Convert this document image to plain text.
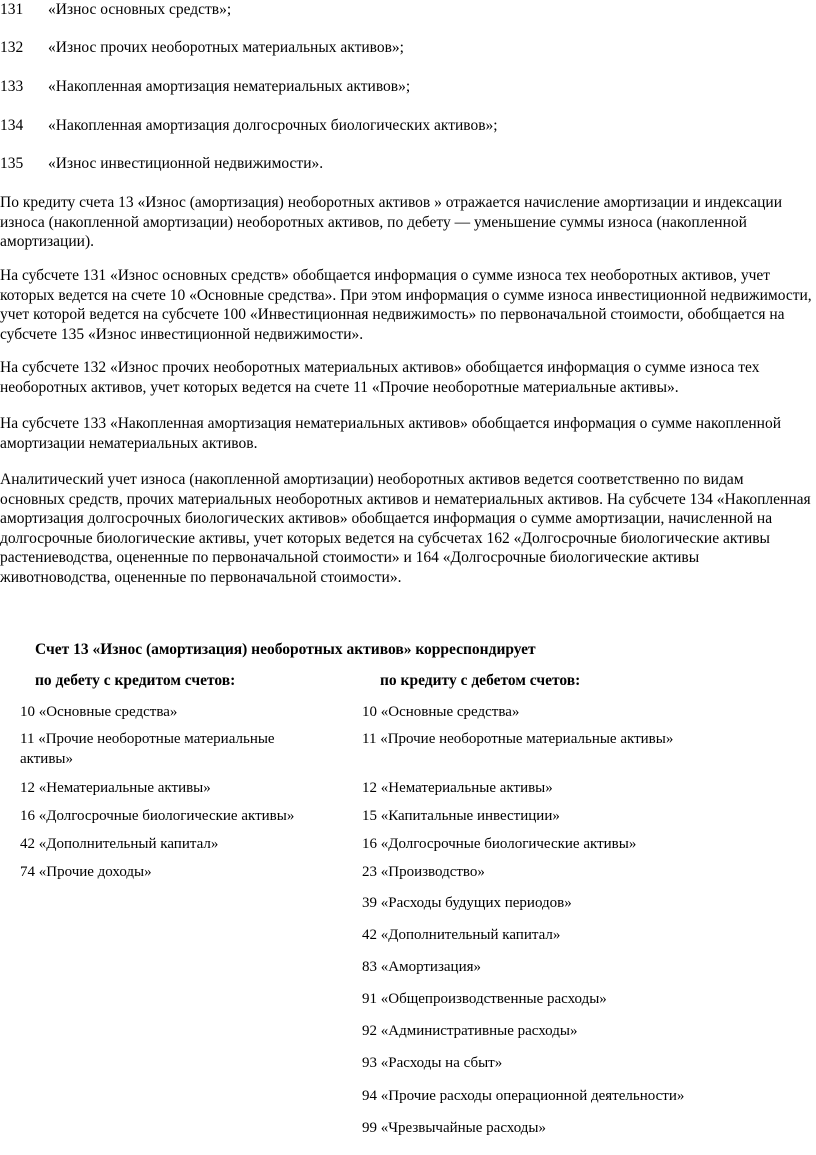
131 «Износ основных средств»;
132 «Износ прочих необоротных материальных активов»;
133 «Накопленная амортизация нематериальных активов»;
134 «Накопленная амортизация долгосрочных биологических активов»;
135 «Износ инвестиционной недвижимости».

По кредиту счета 13 «Износ (амортизация) необоротных активов » отражается начисление амортизации и индексации износа (накопленной амортизации) необоротных активов, по дебету — уменьшение суммы износа (накопленной амортизации).

На субсчете 131 «Износ основных средств» обобщается информация о сумме износа тех необоротных активов, учет которых ведется на счете 10 «Основные средства». При этом информация о сумме износа инвестиционной недвижимости, учет которой ведется на субсчете 100 «Инвестиционная недвижимость» по первоначальной стоимости, обобщается на субсчете 135 «Износ инвестиционной недвижимости».

На субсчете 132 «Износ прочих необоротных материальных активов» обобщается информация о сумме износа тех необоротных активов, учет которых ведется на счете 11 «Прочие необоротные материальные активы».

На субсчете 133 «Накопленная амортизация нематериальных активов» обобщается информация о сумме накопленной амортизации нематериальных активов.

Аналитический учет износа (накопленной амортизации) необоротных активов ведется соответственно по видам основных средств, прочих материальных необоротных активов и нематериальных активов. На субсчете 134 «Накопленная амортизация долгосрочных биологических активов» обобщается информация о сумме амортизации, начисленной на долгосрочные биологические активы, учет которых ведется на субсчетах 162 «Долгосрочные биологические активы растениеводства, оцененные по первоначальной стоимости» и 164 «Долгосрочные биологические активы животноводства, оцененные по первоначальной стоимости».

Счет 13 «Износ (амортизация) необоротных активов» корреспондирует
по дебету с кредитом счетов:	по кредиту с дебетом счетов:
10 «Основные средства»
11 «Прочие необоротные материальные активы»
12 «Нематериальные активы»
16 «Долгосрочные биологические активы»
42 «Дополнительный капитал»
74 «Прочие доходы»
10 «Основные средства»
11 «Прочие необоротные материальные активы»
12 «Нематериальные активы»
15 «Капитальные инвестиции»
16 «Долгосрочные биологические активы»
23 «Производство»
39 «Расходы будущих периодов»
42 «Дополнительный капитал»
83 «Амортизация»
91 «Общепроизводственные расходы»
92 «Административные расходы»
93 «Расходы на сбыт»
94 «Прочие расходы операционной деятельности»
99 «Чрезвычайные расходы»
